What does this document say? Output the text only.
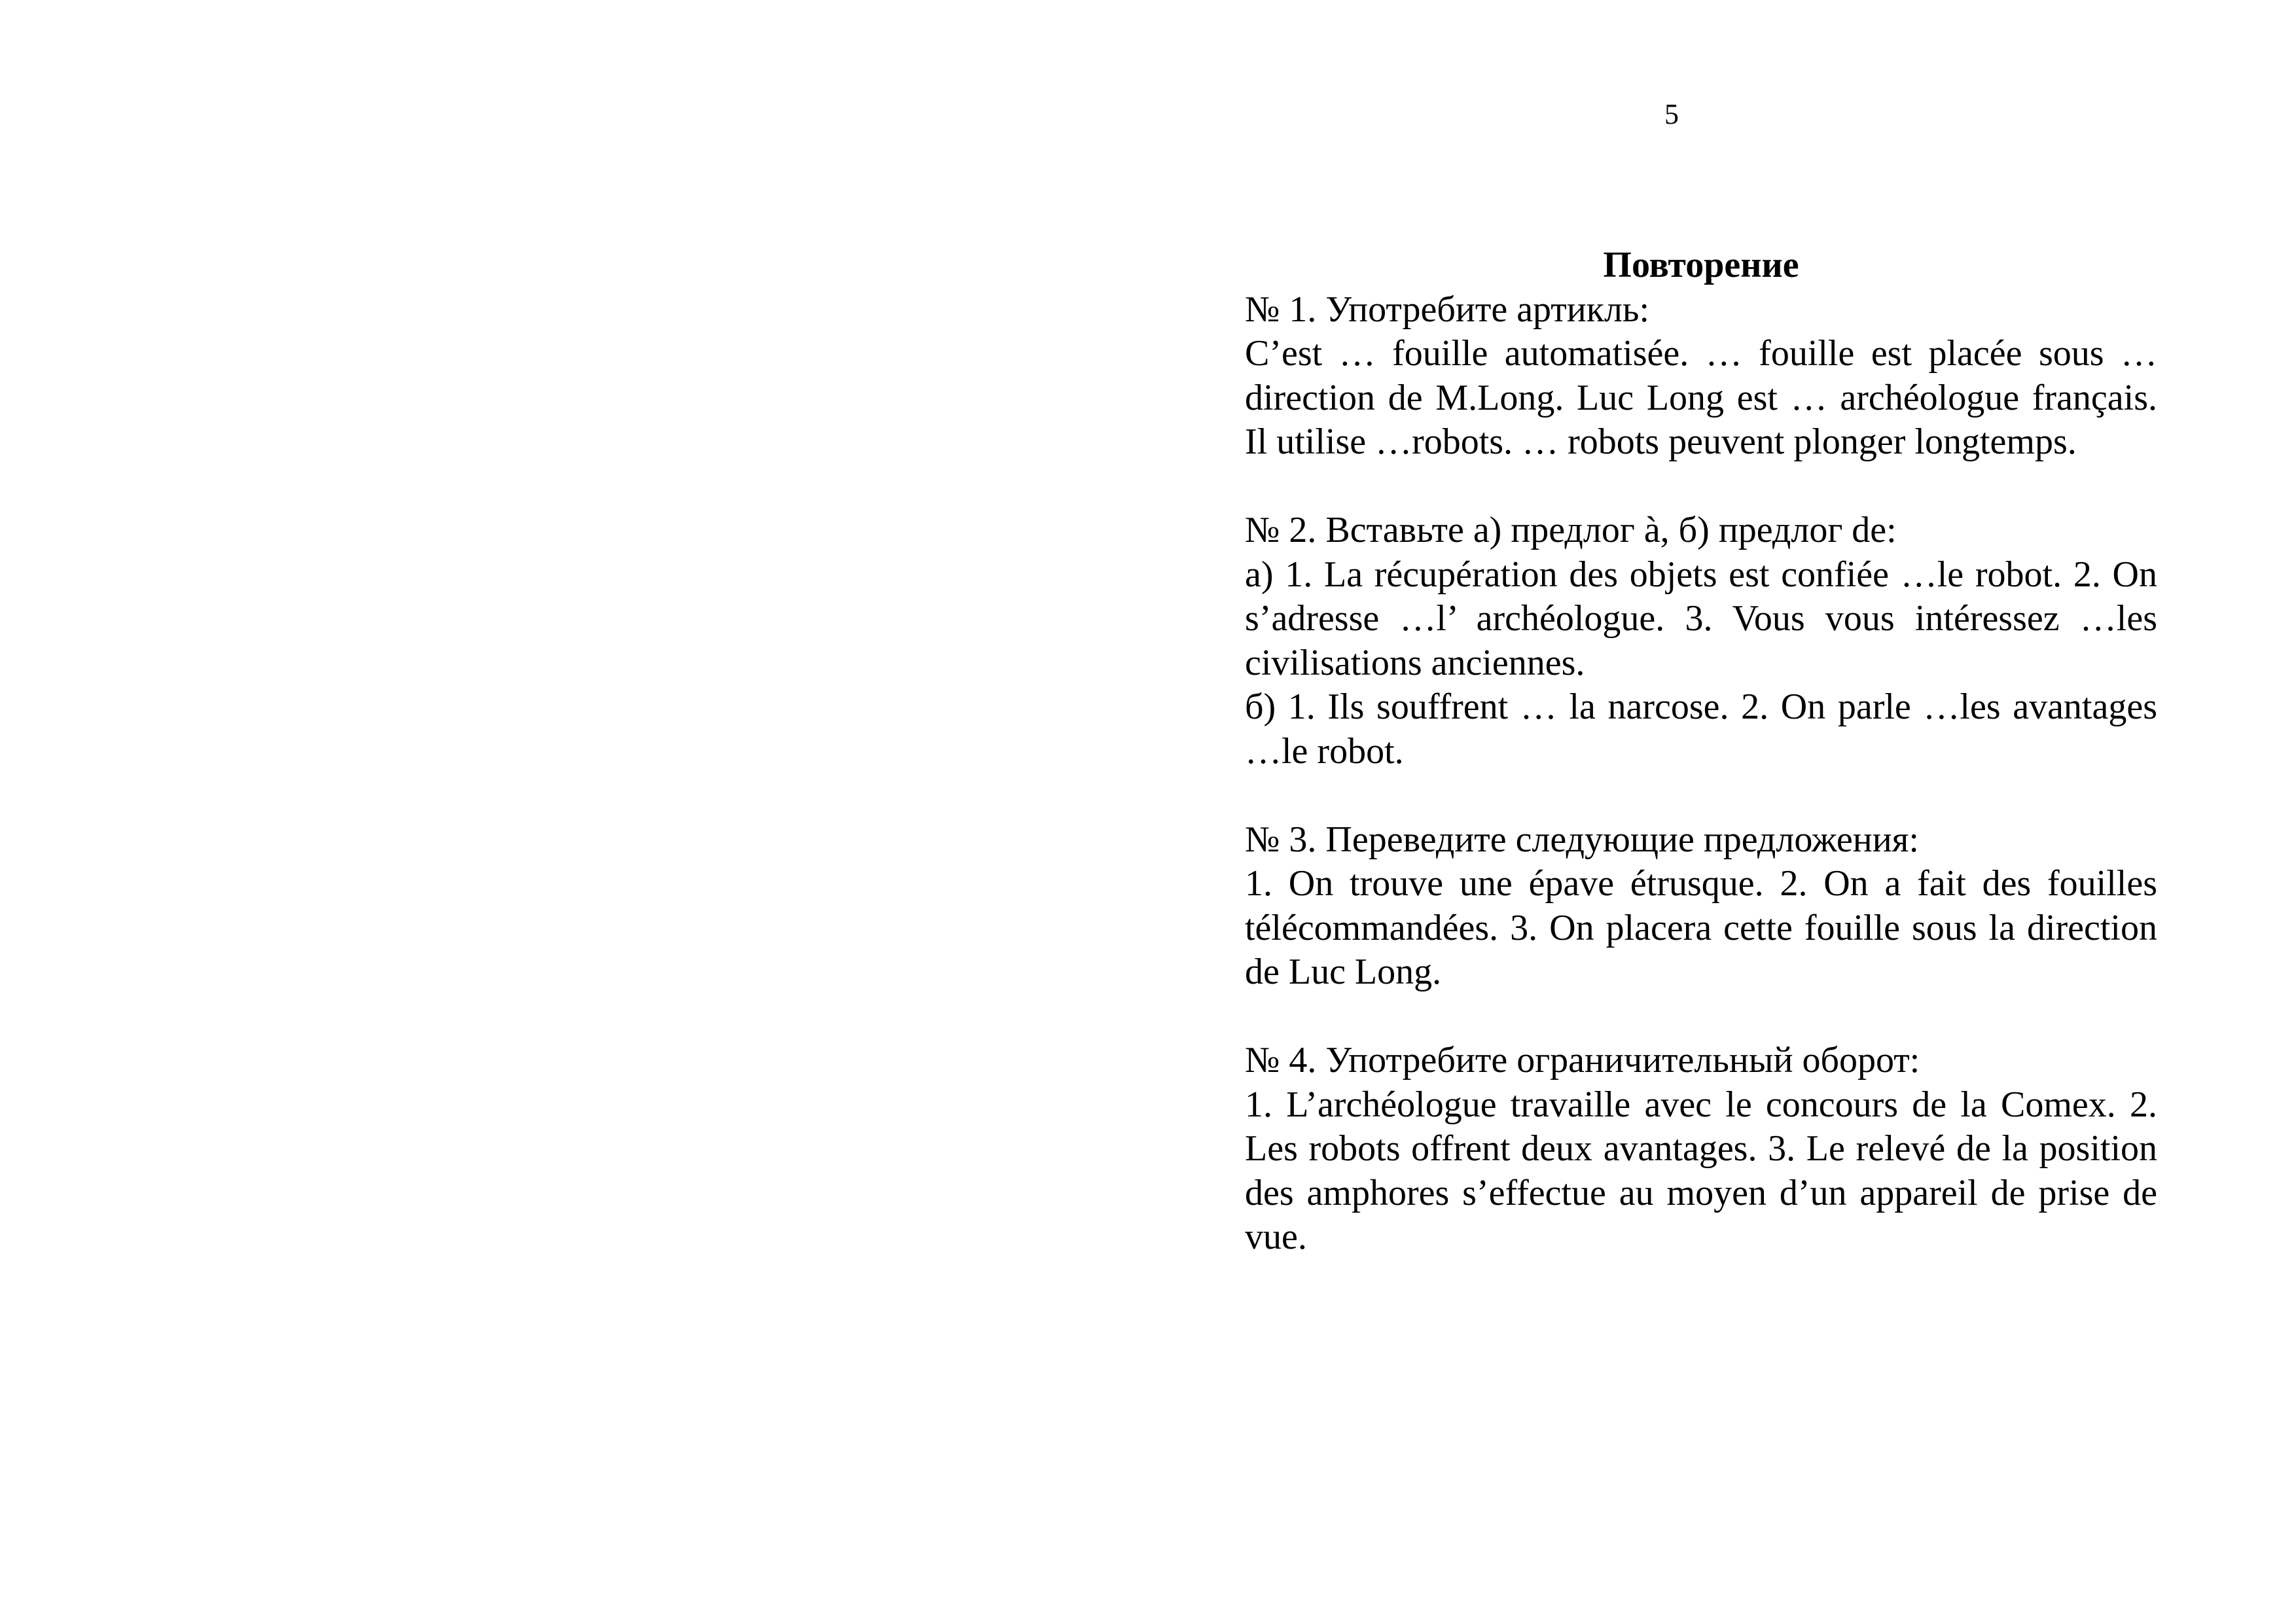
5

Повторение

№ 1. Употребите артикль:

C’est … fouille automatisée. … fouille est placée sous … direction de M.Long. Luc Long est … archéologue français. Il utilise …robots. … robots peuvent plonger longtemps.

№ 2. Вставьте а) предлог à, б) предлог de:

а) 1. La récupération des objets est confiée …le robot. 2. On s’adresse …l’ archéologue. 3. Vous vous intéressez …les civilisations anciennes.

б) 1. Ils souffrent … la narcose. 2. On parle …les avantages …le robot.

№ 3. Переведите следующие предложения:

1. On trouve une épave étrusque. 2. On a fait des fouilles télécommandées. 3. On placera cette fouille sous la direction de Luc Long.

№ 4. Употребите ограничительный оборот:

1. L’archéologue travaille avec le concours de la Comex. 2. Les robots offrent deux avantages. 3. Le relevé de la position des amphores s’effectue au moyen d’un appareil de prise de vue.
